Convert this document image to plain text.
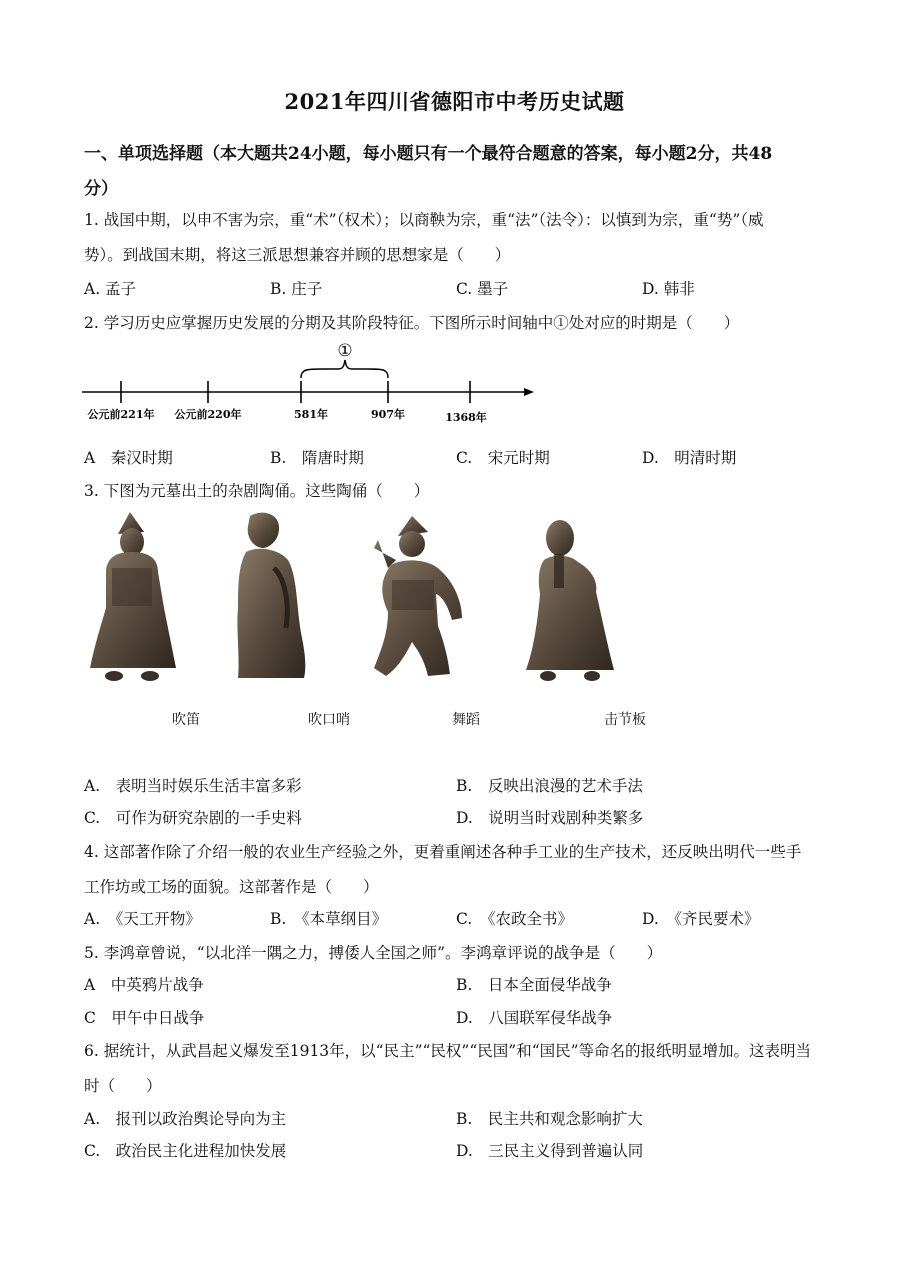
2021年四川省德阳市中考历史试题
一、单项选择题（本大题共24小题，每小题只有一个最符合题意的答案，每小题2分，共48
分）
1. 战国中期，以申不害为宗，重“术”（权术）；以商鞅为宗，重“法”（法令）：以慎到为宗，重“势”（威
势）。到战国末期，将这三派思想兼容并顾的思想家是（　　）
A. 孟子	B. 庄子	C. 墨子	D. 韩非
2. 学习历史应掌握历史发展的分期及其阶段特征。下图所示时间轴中①处对应的时期是（　　）
①
公元前221年 公元前220年	581年	907年	1368年
A　秦汉时期	B.　隋唐时期	C.　宋元时期	D.　明清时期
3. 下图为元墓出土的杂剧陶俑。这些陶俑（　　）
吹笛	吹口哨	舞蹈	击节板
A.　表明当时娱乐生活丰富多彩	B.　反映出浪漫的艺术手法
C.　可作为研究杂剧的一手史料	D.　说明当时戏剧种类繁多
4. 这部著作除了介绍一般的农业生产经验之外，更着重阐述各种手工业的生产技术，还反映出明代一些手
工作坊或工场的面貌。这部著作是（　　）
A.　《天工开物》	B.　《本草纲目》	C.　《农政全书》	D.　《齐民要术》
5. 李鸿章曾说，“以北洋一隅之力，搏倭人全国之师”。李鸿章评说的战争是（　　）
A　中英鸦片战争	B.　日本全面侵华战争
C　甲午中日战争	D.　八国联军侵华战争
6. 据统计，从武昌起义爆发至1913年，以“民主”“民权”“民国”和“国民”等命名的报纸明显增加。这表明当
时（　　）
A.　报刊以政治舆论导向为主	B.　民主共和观念影响扩大
C.　政治民主化进程加快发展	D.　三民主义得到普遍认同
